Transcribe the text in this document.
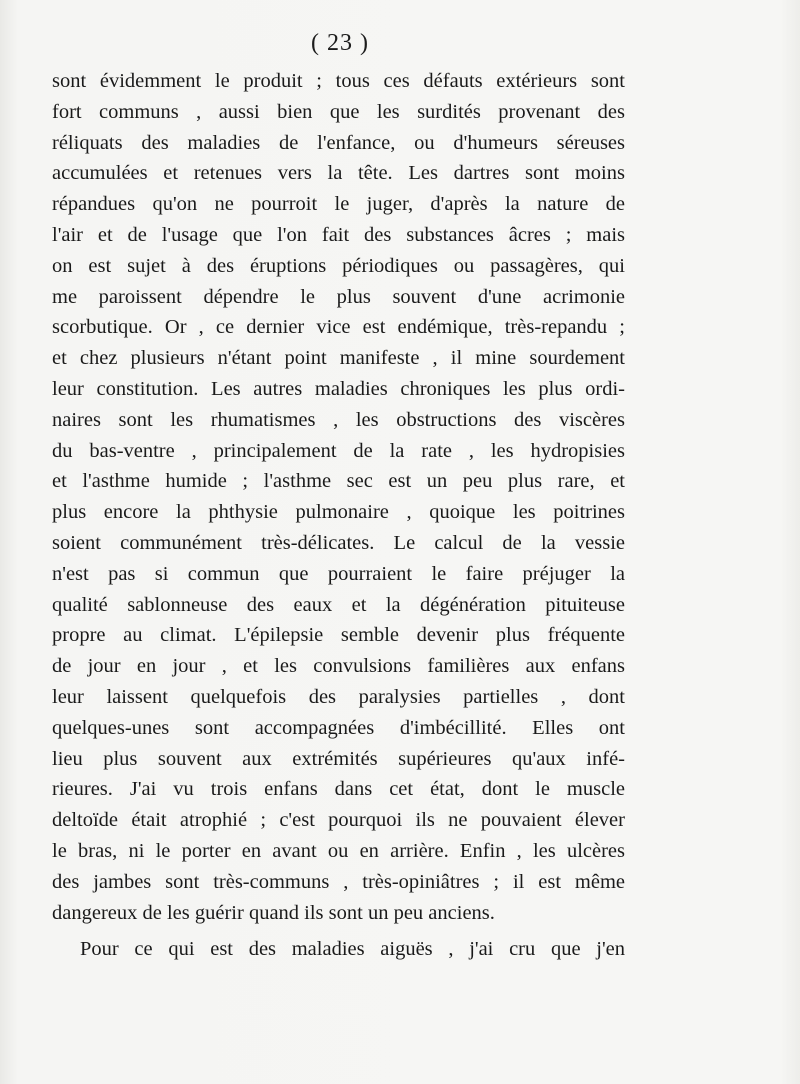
( 23 )
sont évidemment le produit ; tous ces défauts extérieurs sont
fort communs , aussi bien que les surdités provenant des
réliquats des maladies de l'enfance, ou d'humeurs séreuses
accumulées et retenues vers la tête. Les dartres sont moins
répandues qu'on ne pourroit le juger, d'après la nature de
l'air et de l'usage que l'on fait des substances âcres ; mais
on est sujet à des éruptions périodiques ou passagères, qui
me paroissent dépendre le plus souvent d'une acrimonie
scorbutique. Or , ce dernier vice est endémique, très-repandu ;
et chez plusieurs n'étant point manifeste , il mine sourdement
leur constitution. Les autres maladies chroniques les plus ordi-
naires sont les rhumatismes , les obstructions des viscères
du bas-ventre , principalement de la rate , les hydropisies
et l'asthme humide ; l'asthme sec est un peu plus rare, et
plus encore la phthysie pulmonaire , quoique les poitrines
soient communément très-délicates. Le calcul de la vessie
n'est pas si commun que pourraient le faire préjuger la
qualité sablonneuse des eaux et la dégénération pituiteuse
propre au climat. L'épilepsie semble devenir plus fréquente
de jour en jour , et les convulsions familières aux enfans
leur laissent quelquefois des paralysies partielles , dont
quelques-unes sont accompagnées d'imbécillité. Elles ont
lieu plus souvent aux extrémités supérieures qu'aux infé-
rieures. J'ai vu trois enfans dans cet état, dont le muscle
deltoïde était atrophié ; c'est pourquoi ils ne pouvaient élever
le bras, ni le porter en avant ou en arrière. Enfin , les ulcères
des jambes sont très-communs , très-opiniâtres ; il est même
dangereux de les guérir quand ils sont un peu anciens.
Pour ce qui est des maladies aiguës , j'ai cru que j'en
